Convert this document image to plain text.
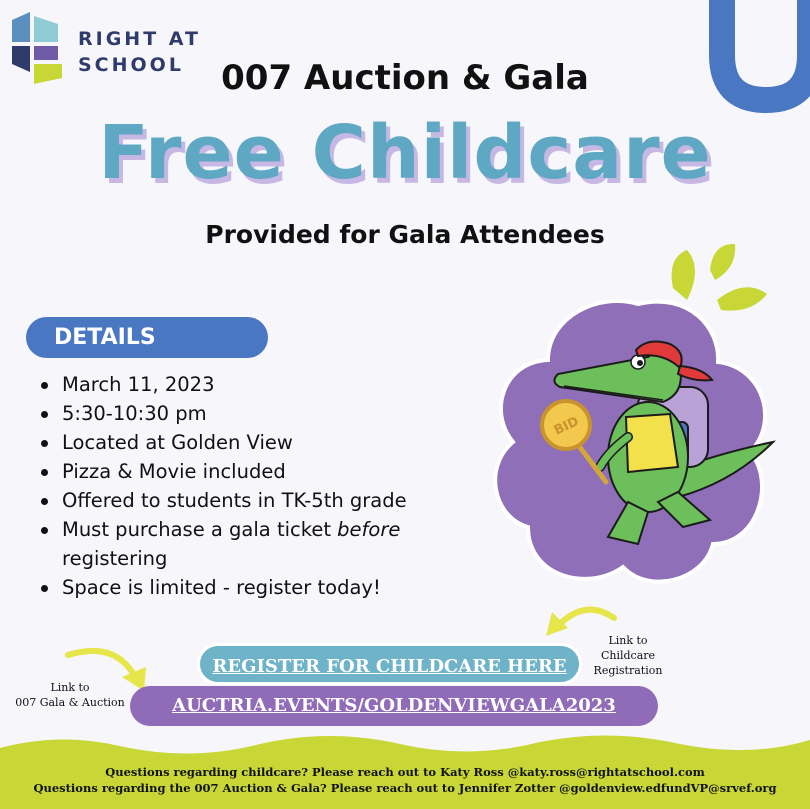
RIGHT AT
SCHOOL	007 Auction & Gala
Free Childcare
Provided for Gala Attendees
BID
DETAILS
March 11, 2023
5:30-10:30 pm
Located at Golden View
Pizza & Movie included
Offered to students in TK-5th grade
Must purchase a gala ticket before
registering
Space is limited - register today!
Link to
Childcare
Registration
Link to
007 Gala & Auction
REGISTER FOR CHILDCARE HERE
AUCTRIA.EVENTS/GOLDENVIEWGALA2023
Questions regarding childcare? Please reach out to Katy Ross @katy.ross@rightatschool.com
Questions regarding the 007 Auction & Gala? Please reach out to Jennifer Zotter @goldenview.edfundVP@srvef.org
